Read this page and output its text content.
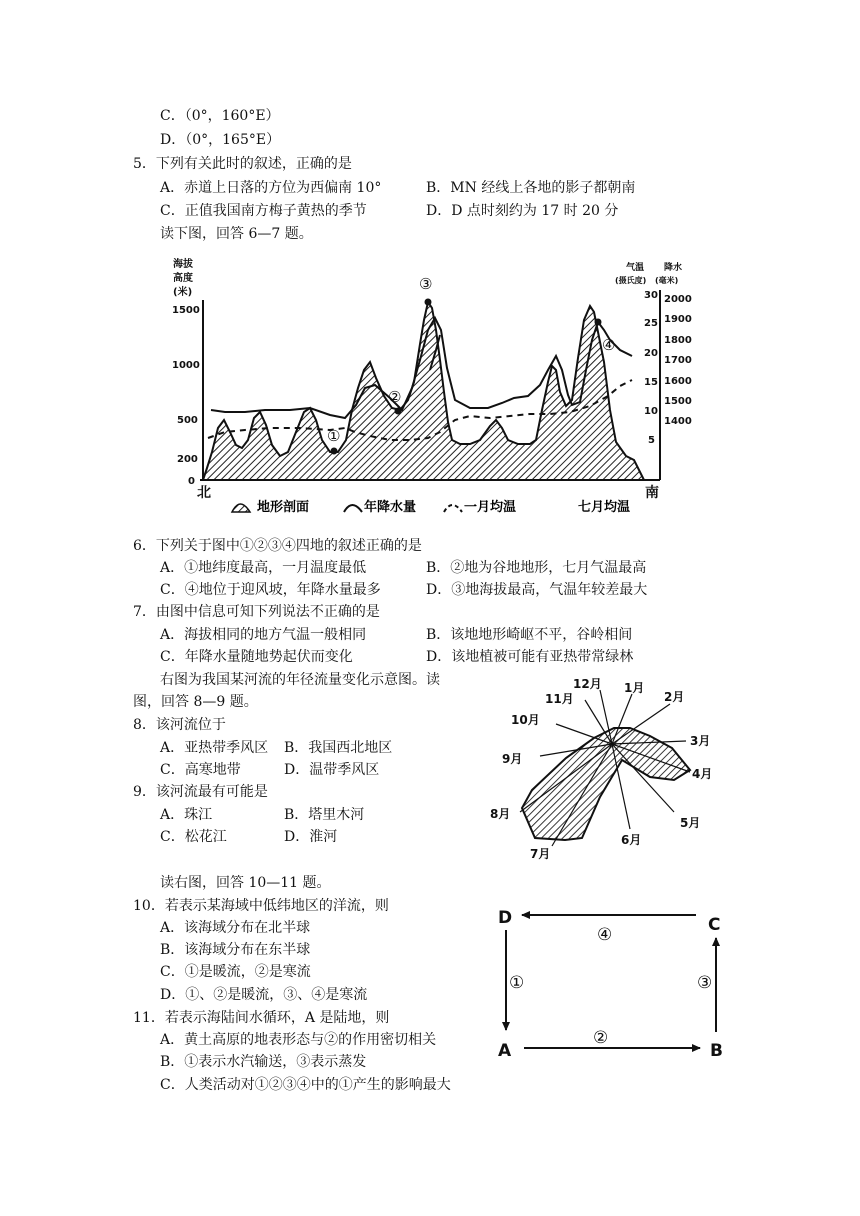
C．（0°，160°E）
D．（0°，165°E）
5．下列有关此时的叙述，正确的是
A．赤道上日落的方位为西偏南 10°	B．MN 经线上各地的影子都朝南
C．正值我国南方梅子黄热的季节	D．D 点时刻约为 17 时 20 分
读下图，回答 6—7 题。
海拔
高度
(米)
1500
1000
500
200
0
气温
(摄氏度)
降水
(毫米)
30
25
20
15
10
5
2000
1900
1800
1700
1600
1500
1400
①
②
③
④
北	南
地形剖面	年降水量	一月均温	七月均温
6．下列关于图中①②③④四地的叙述正确的是
A．①地纬度最高，一月温度最低	B．②地为谷地地形，七月气温最高
C．④地位于迎风坡，年降水量最多	D．③地海拔最高，气温年较差最大
7．由图中信息可知下列说法不正确的是
A．海拔相同的地方气温一般相同	B．该地地形崎岖不平，谷岭相间
C．年降水量随地势起伏而变化	D．该地植被可能有亚热带常绿林
右图为我国某河流的年径流量变化示意图。读
图，回答 8—9 题。
8．该河流位于
A．亚热带季风区 B．我国西北地区
C．高寒地带	D．温带季风区
9．该河流最有可能是
A．珠江	B．塔里木河
C．松花江	D．淮河
1月
2月
3月
4月
5月
6月
7月
8月
9月
10月
11月
12月
读右图，回答 10—11 题。
10．若表示某海域中低纬地区的洋流，则
A．该海域分布在北半球
B．该海域分布在东半球
C．①是暖流，②是寒流
D．①、②是暖流，③、④是寒流
11．若表示海陆间水循环，A 是陆地，则
A．黄土高原的地表形态与②的作用密切相关
B．①表示水汽输送，③表示蒸发
C．人类活动对①②③④中的①产生的影响最大
D	C
A	B
①
②
③
④
